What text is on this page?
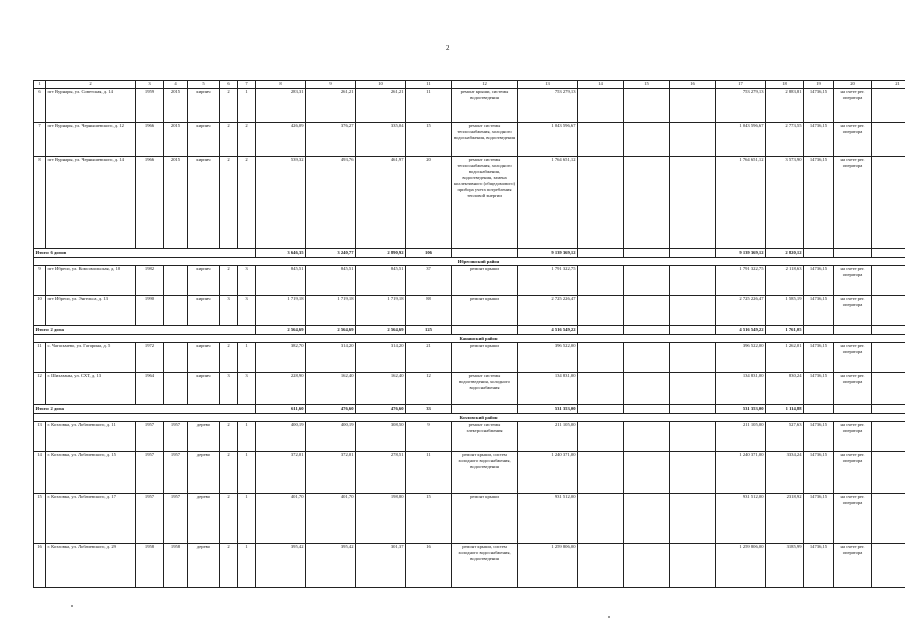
2
1	2	3	4	5	6	7	8	9	10	11	12	13	14	15	16	17	18	19	20	21
6	пгт Вурнары, ул. Советская, д. 14	1959	2015	кирпич	2	1	283,31	261,21	261,21	11	ремонт крыши, системы водоотведения	753 279,13				753 279,13	2 883,81	14736,15	на счете рег. оператора	
7	пгт Вурнары, ул. Чернышевского, д. 12	1966	2015	кирпич	2	2	426,09	376,27	335,04	15	ремонт системы теплоснабжения, холодного водоснабжения, водоотведения	1 043 596,67				1 043 596,67	2 773,55	14736,15	на счете рег. оператора	
8	пгт Вурнары, ул. Чернышевского, д. 14	1966	2015	кирпич	2	2	539,32	493,76	461,97	20	ремонт системы теплоснабжения, холодного водоснабжения, водоотведения, замена коллективного (общедомового) прибора учета потребления тепловой энергии	1 764 651,12				1 764 651,12	3 573,90	14736,15	на счете рег. оператора	
Итого: 6 домов							3 646,35	3 240,77	2 890,92	106		9 139 369,12				9 139 369,12	2 820,12			
Ибресинский район																				
9	пгт Ибреси, ул. Комсомольская, д. 10	1982		кирпич	2	3	845,51	845,51	845,51	37	ремонт крыши	1 791 322,75				1 791 322,75	2 118,63	14736,15	на счете рег. оператора	
10	пгт Ибреси, ул. Энгельса, д. 13	1990		кирпич	3	3	1 719,18	1 719,18	1 719,18	88	ремонт крыши	2 725 226,47				2 725 226,47	1 585,19	14736,15	на счете рег. оператора	
Итого: 2 дома							2 564,69	2 564,69	2 564,69	125		4 516 549,22				4 516 549,22	1 761,05			
Канашский район																				
11	с. Чагасьмево, ул. Гагарина, д. 5	1972		кирпич	2	1	382,70	314,20	314,20	21	ремонт крыши	396 522,00				396 522,00	1 262,01	14736,15	на счете рег. оператора	
12	г. Шихазаны, ул. СХТ, д. 13	1964		кирпич	3	3	228,90	162,40	162,40	12	ремонт системы водоотведения, холодного водоснабжения	134 831,00				134 831,00	830,24	14736,15	на счете рег. оператора	
Итого: 2 дома							611,60	476,60	476,60	33		531 353,00				531 353,00	1 114,88			
Козловский район																				
13	г. Козловка, ул. Лобачевского, д. 11	1957	1957	дерево	2	1	400,19	400,19	308,50	9	ремонт системы электроснабжения	211 105,00				211 105,00	527,63	14736,15	на счете рег. оператора	
14	г. Козловка, ул. Лобачевского, д. 15	1957	1957	дерево	2	1	372,01	372,01	278,51	11	ремонт крыши, систем холодного водоснабжения, водоотведения	1 240 371,00				1 240 371,00	3334,24	14736,15	на счете рег. оператора	
15	г. Козловка, ул. Лобачевского, д. 17	1957	1957	дерево	2	1	401,70	401,70	198,80	15	ремонт крыши	931 512,00				931 512,00	2318,92	14736,15	на счете рег. оператора	
16	г. Козловка, ул. Лобачевского, д. 29	1958	1958	дерево	2	1	395,42	395,42	301,37	16	ремонт крыши, систем холодного водоснабжения, водоотведения	1 259 806,00				1 259 806,00	3185,99	14736,15	на счете рег. оператора	
